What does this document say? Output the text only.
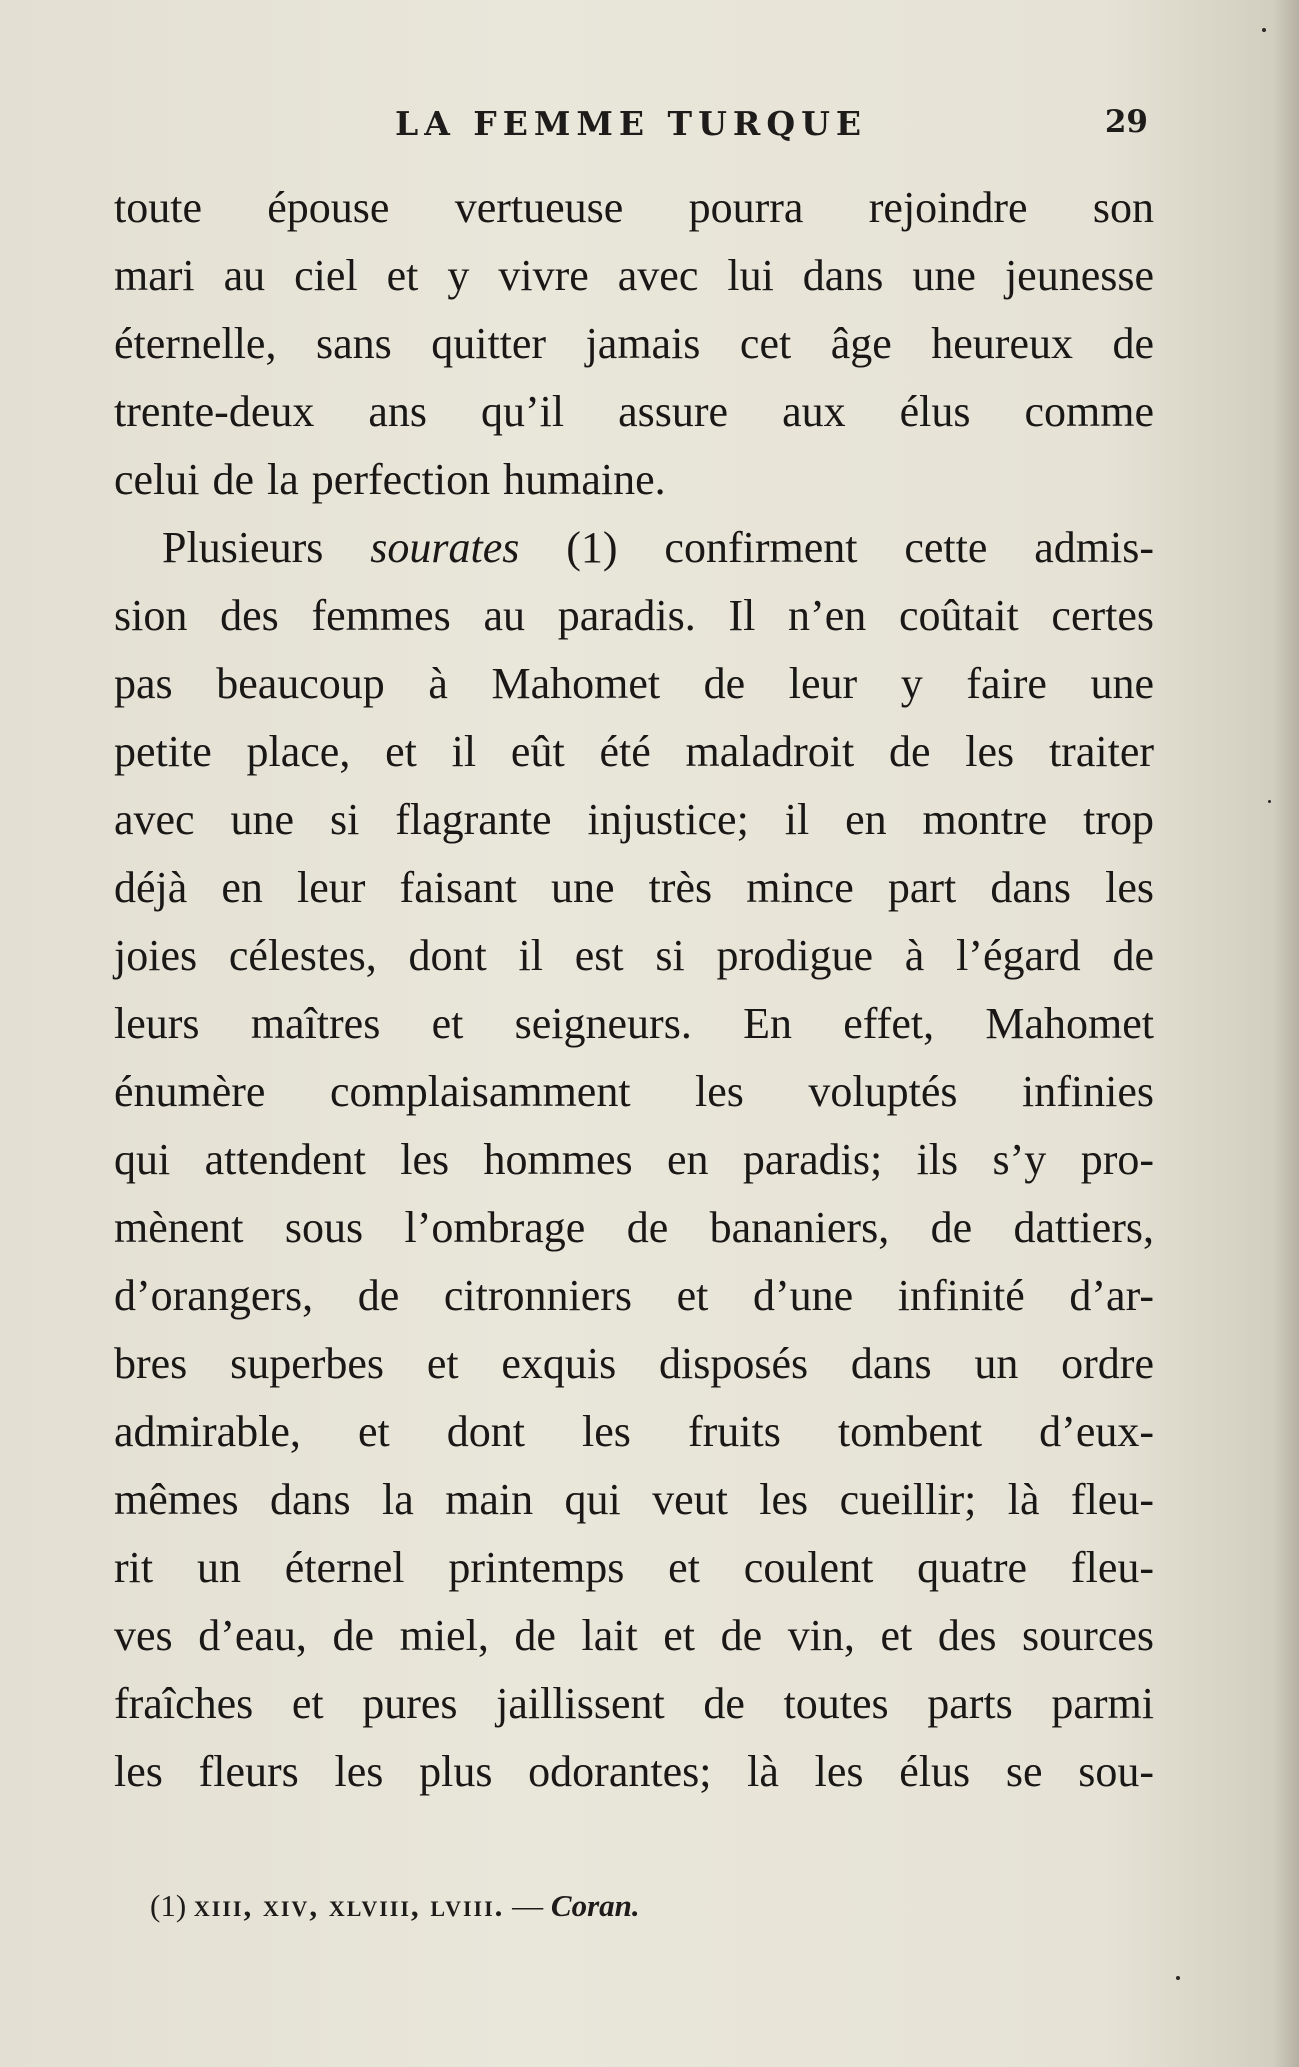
LA FEMME TURQUE	29
toute épouse vertueuse pourra rejoindre son
mari au ciel et y vivre avec lui dans une jeunesse
éternelle, sans quitter jamais cet âge heureux de
trente-deux ans qu’il assure aux élus comme
celui de la perfection humaine.
Plusieurs sourates (1) confirment cette admis-
sion des femmes au paradis. Il n’en coûtait certes
pas beaucoup à Mahomet de leur y faire une
petite place, et il eût été maladroit de les traiter
avec une si flagrante injustice; il en montre trop
déjà en leur faisant une très mince part dans les
joies célestes, dont il est si prodigue à l’égard de
leurs maîtres et seigneurs. En effet, Mahomet
énumère complaisamment les voluptés infinies
qui attendent les hommes en paradis; ils s’y pro-
mènent sous l’ombrage de bananiers, de dattiers,
d’orangers, de citronniers et d’une infinité d’ar-
bres superbes et exquis disposés dans un ordre
admirable, et dont les fruits tombent d’eux-
mêmes dans la main qui veut les cueillir; là fleu-
rit un éternel printemps et coulent quatre fleu-
ves d’eau, de miel, de lait et de vin, et des sources
fraîches et pures jaillissent de toutes parts parmi
les fleurs les plus odorantes; là les élus se sou-
(1) xiii, xiv, xlviii, lviii. — Coran.
